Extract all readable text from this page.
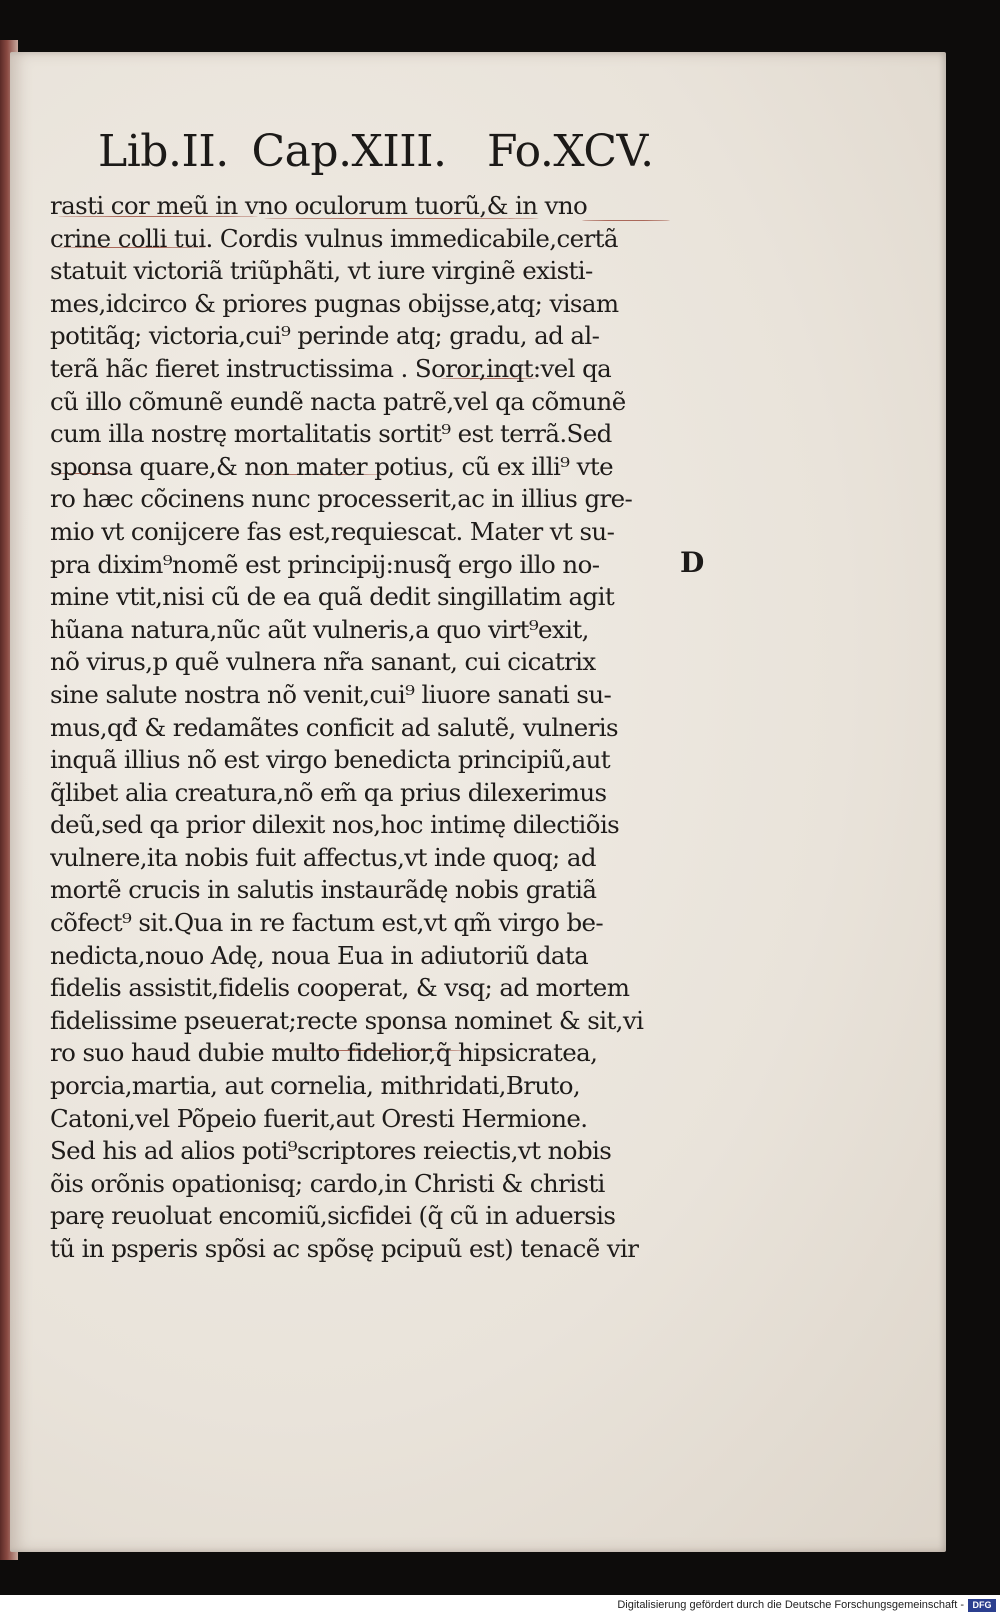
Lib.II. Cap.XIII. Fo.XCV.
rasti cor meũ in vno oculorum tuorũ,& in vno
crine colli tui. Cordis vulnus immedicabile,certã
statuit victoriã triũphãti, vt iure virginẽ existi-
mes,idcirco & priores pugnas obijsse,atq; visam
potitãq; victoria,cui⁹ perinde atq; gradu, ad al-
terã hãc fieret instructissima . Soror,inqt:vel qa
cũ illo cõmunẽ eundẽ nacta patrẽ,vel qa cõmunẽ
cum illa nostrę mortalitatis sortit⁹ est terrã.Sed
sponsa quare,& non mater potius, cũ ex illi⁹ vte
ro hæc cõcinens nunc processerit,ac in illius gre-
mio vt conijcere fas est,requiescat. Mater vt su-
pra dixim⁹nomẽ est principij:nusq̃ ergo illo no-
mine vtit,nisi cũ de ea quã dedit singillatim agit
hũana natura,nũc aũt vulneris,a quo virt⁹exit,
nõ virus,p quẽ vulnera nr̃a sanant, cui cicatrix
sine salute nostra nõ venit,cui⁹ liuore sanati su-
mus,qđ & redamãtes conficit ad salutẽ, vulneris
inquã illius nõ est virgo benedicta principiũ,aut
q̃libet alia creatura,nõ em̃ qa prius dilexerimus
deũ,sed qa prior dilexit nos,hoc intimę dilectiõis
vulnere,ita nobis fuit affectus,vt inde quoq; ad
mortẽ crucis in salutis instaurãdę nobis gratiã
cõfect⁹ sit.Qua in re factum est,vt qm̃ virgo be-
nedicta,nouo Adę, noua Eua in adiutoriũ data
fidelis assistit,fidelis cooperat, & vsq; ad mortem
fidelissime pseuerat;recte sponsa nominet & sit,vi
ro suo haud dubie multo fidelior,q̃ hipsicratea,
porcia,martia, aut cornelia, mithridati,Bruto,
Catoni,vel Põpeio fuerit,aut Oresti Hermione.
Sed his ad alios poti⁹scriptores reiectis,vt nobis
õis orõnis opationisq; cardo,in Christi & christi
parę reuoluat encomiũ,sicfidei (q̃ cũ in aduersis
tũ in psperis spõsi ac spõsę pcipuũ est) tenacẽ vir
D
Digitalisierung gefördert durch die Deutsche Forschungsgemeinschaft - DFG
